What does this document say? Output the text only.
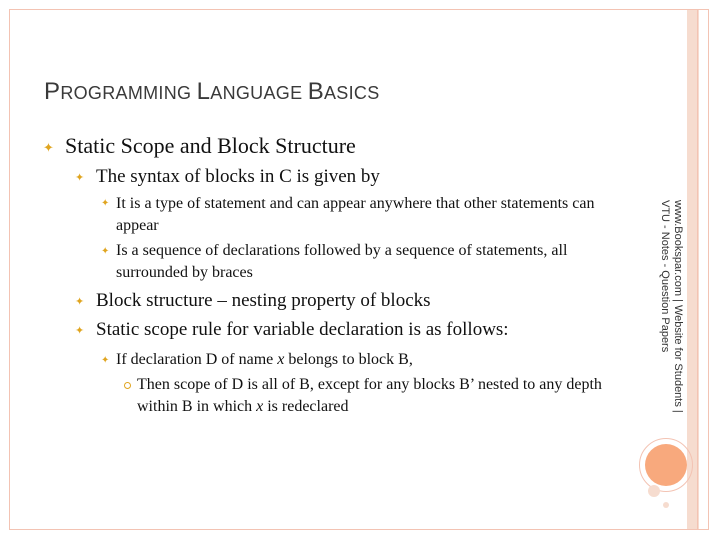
PROGRAMMING LANGUAGE BASICS
✦ Static Scope and Block Structure
✦ The syntax of blocks in C is given by
✦ It is a type of statement and can appear anywhere that other statements can
appear
✦ Is a sequence of declarations followed by a sequence of statements, all
surrounded by braces
✦ Block structure – nesting property of blocks
✦ Static scope rule for variable declaration is as follows:
✦ If declaration D of name x belongs to block B,
Then scope of D is all of B, except for any blocks B’ nested to any depth
within B in which x is redeclared	www.Bookspar.com | Website for Students |
VTU - Notes - Question Papers
